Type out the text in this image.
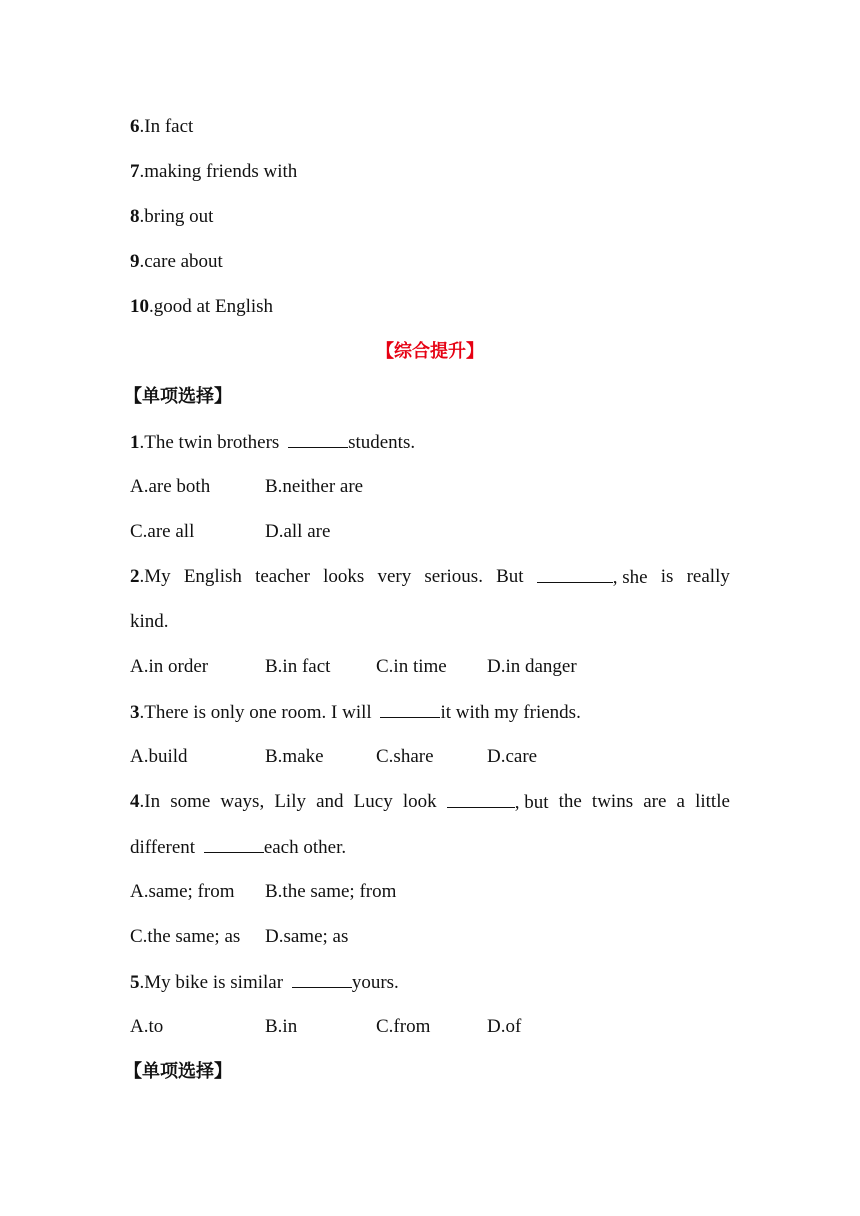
6.In fact
7.making friends with
8.bring out
9.care about
10.good at English
【综合提升】
【单项选择】
1.The twin brothers	students.
A.are both	B.neither are
C.are all	D.all are
2.My English teacher looks very serious. But	, she is really
kind.
A.in order	B.in fact C.in time D.in danger
3.There is only one room. I will	it with my friends.
A.build	B.make	C.share	D.care
4.In some ways, Lily and Lucy look	, but the twins are a little
different	each other.
A.same; from B.the same; from
C.the same; as D.same; as
5.My bike is similar	yours.
A.to	B.in	C.from	D.of
【单项选择】
